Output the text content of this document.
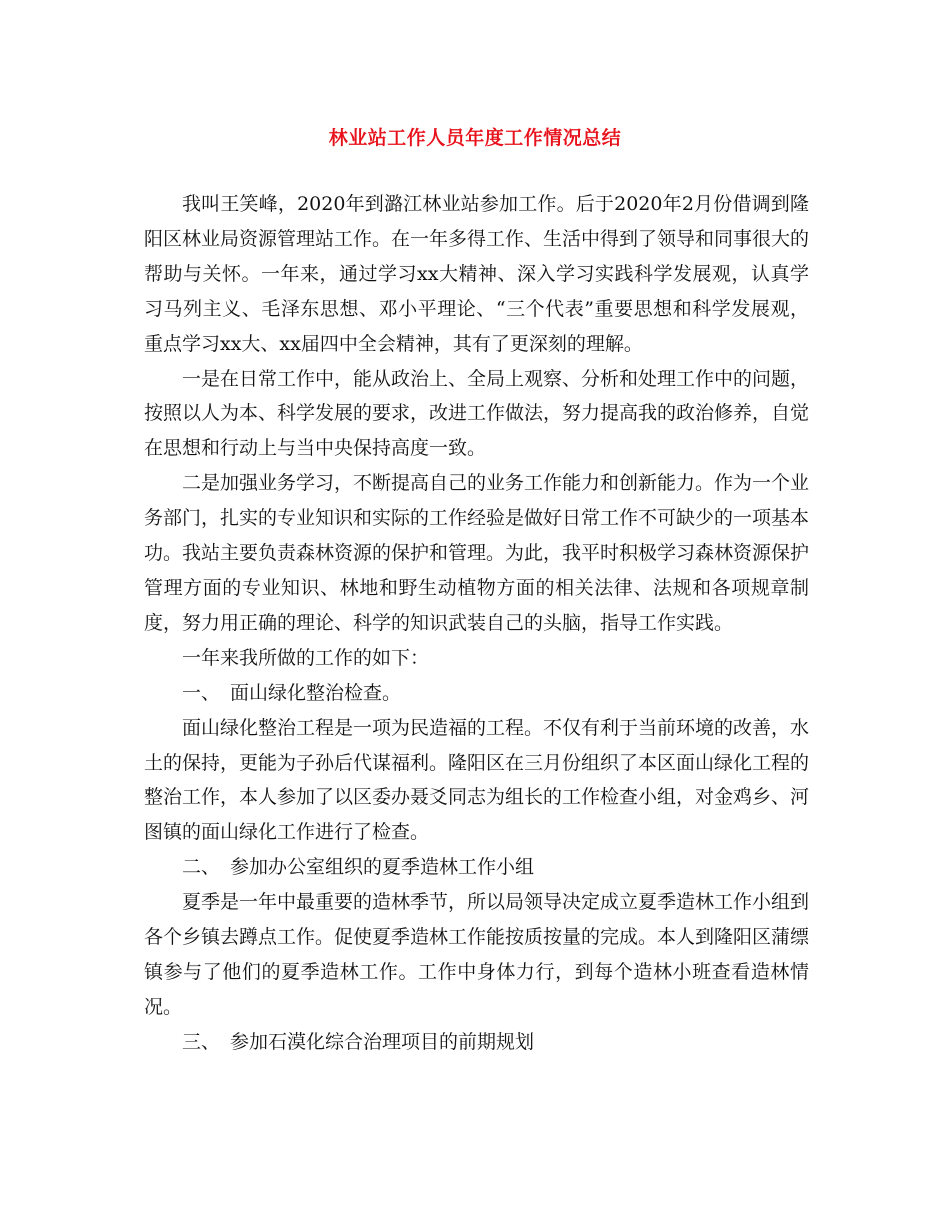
林业站工作人员年度工作情况总结

我叫王笑峰，2020年到潞江林业站参加工作。后于2020年2月份借调到隆阳区林业局资源管理站工作。在一年多得工作、生活中得到了领导和同事很大的帮助与关怀。一年来，通过学习xx大精神、深入学习实践科学发展观，认真学习马列主义、毛泽东思想、邓小平理论、“三个代表”重要思想和科学发展观，重点学习xx大、xx届四中全会精神，其有了更深刻的理解。

一是在日常工作中，能从政治上、全局上观察、分析和处理工作中的问题，按照以人为本、科学发展的要求，改进工作做法，努力提高我的政治修养，自觉在思想和行动上与当中央保持高度一致。

二是加强业务学习，不断提高自己的业务工作能力和创新能力。作为一个业务部门，扎实的专业知识和实际的工作经验是做好日常工作不可缺少的一项基本功。我站主要负责森林资源的保护和管理。为此，我平时积极学习森林资源保护管理方面的专业知识、林地和野生动植物方面的相关法律、法规和各项规章制度，努力用正确的理论、科学的知识武装自己的头脑，指导工作实践。

一年来我所做的工作的如下：

一、 面山绿化整治检查。

面山绿化整治工程是一项为民造福的工程。不仅有利于当前环境的改善，水土的保持，更能为子孙后代谋福利。隆阳区在三月份组织了本区面山绿化工程的整治工作，本人参加了以区委办聂爻同志为组长的工作检查小组，对金鸡乡、河图镇的面山绿化工作进行了检查。

二、 参加办公室组织的夏季造林工作小组

夏季是一年中最重要的造林季节，所以局领导决定成立夏季造林工作小组到各个乡镇去蹲点工作。促使夏季造林工作能按质按量的完成。本人到隆阳区蒲缥镇参与了他们的夏季造林工作。工作中身体力行，到每个造林小班查看造林情况。

三、 参加石漠化综合治理项目的前期规划
